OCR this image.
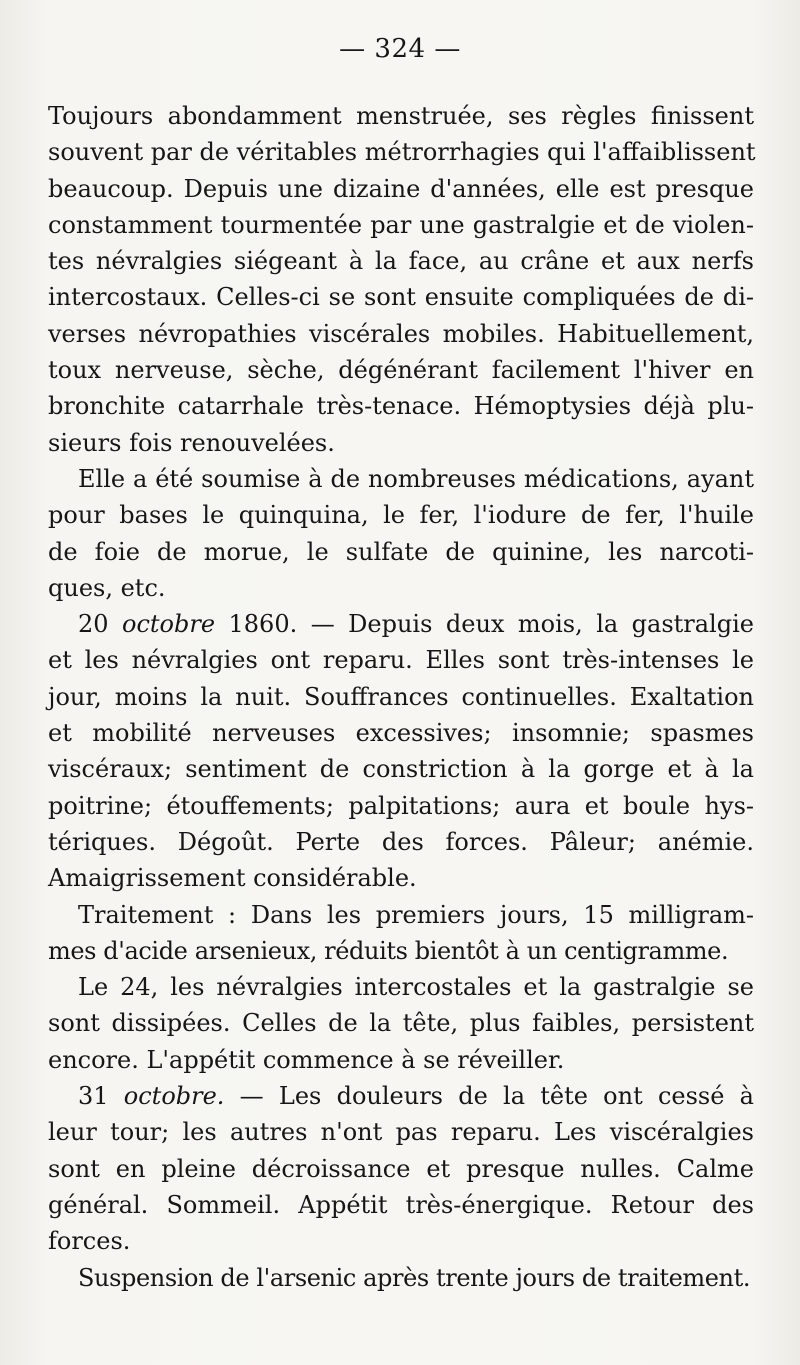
— 324 —
Toujours abondamment menstruée, ses règles finissent
souvent par de véritables métrorrhagies qui l'affaiblissent
beaucoup. Depuis une dizaine d'années, elle est presque
constamment tourmentée par une gastralgie et de violen-
tes névralgies siégeant à la face, au crâne et aux nerfs
intercostaux. Celles-ci se sont ensuite compliquées de di-
verses névropathies viscérales mobiles. Habituellement,
toux nerveuse, sèche, dégénérant facilement l'hiver en
bronchite catarrhale très-tenace. Hémoptysies déjà plu-
sieurs fois renouvelées.
Elle a été soumise à de nombreuses médications, ayant
pour bases le quinquina, le fer, l'iodure de fer, l'huile
de foie de morue, le sulfate de quinine, les narcoti-
ques, etc.
20 octobre 1860. — Depuis deux mois, la gastralgie
et les névralgies ont reparu. Elles sont très-intenses le
jour, moins la nuit. Souffrances continuelles. Exaltation
et mobilité nerveuses excessives; insomnie; spasmes
viscéraux; sentiment de constriction à la gorge et à la
poitrine; étouffements; palpitations; aura et boule hys-
tériques. Dégoût. Perte des forces. Pâleur; anémie.
Amaigrissement considérable.
Traitement : Dans les premiers jours, 15 milligram-
mes d'acide arsenieux, réduits bientôt à un centigramme.
Le 24, les névralgies intercostales et la gastralgie se
sont dissipées. Celles de la tête, plus faibles, persistent
encore. L'appétit commence à se réveiller.
31 octobre. — Les douleurs de la tête ont cessé à
leur tour; les autres n'ont pas reparu. Les viscéralgies
sont en pleine décroissance et presque nulles. Calme
général. Sommeil. Appétit très-énergique. Retour des
forces.
Suspension de l'arsenic après trente jours de traitement.
